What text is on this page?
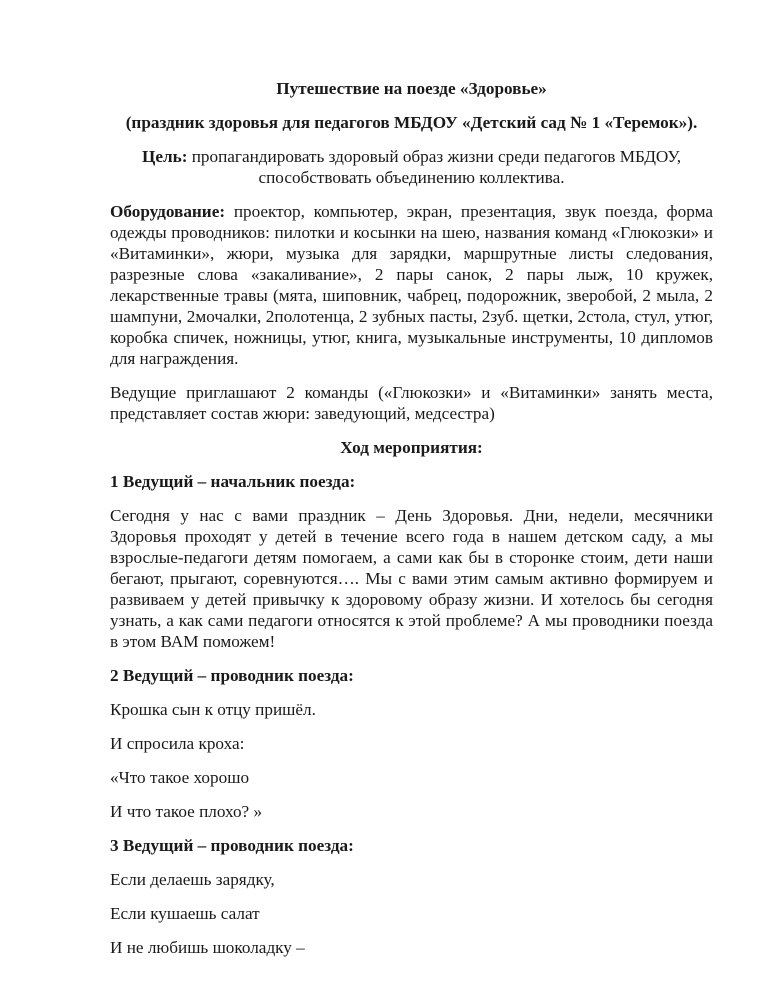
Путешествие на поезде «Здоровье»

(праздник здоровья для педагогов МБДОУ «Детский сад № 1 «Теремок»).

Цель: пропагандировать здоровый образ жизни среди педагогов МБДОУ, способствовать объединению коллектива.

Оборудование: проектор, компьютер, экран, презентация, звук поезда, форма одежды проводников: пилотки и косынки на шею, названия команд «Глюкозки» и «Витаминки», жюри, музыка для зарядки, маршрутные листы следования, разрезные слова «закаливание», 2 пары санок, 2 пары лыж, 10 кружек, лекарственные травы (мята, шиповник, чабрец, подорожник, зверобой, 2 мыла, 2 шампуни, 2мочалки, 2полотенца, 2 зубных пасты, 2зуб. щетки, 2стола, стул, утюг, коробка спичек, ножницы, утюг, книга, музыкальные инструменты, 10 дипломов для награждения.

Ведущие приглашают 2 команды («Глюкозки» и «Витаминки» занять места, представляет состав жюри: заведующий, медсестра)

Ход мероприятия:

1 Ведущий – начальник поезда:

Сегодня у нас с вами праздник – День Здоровья. Дни, недели, месячники Здоровья проходят у детей в течение всего года в нашем детском саду, а мы взрослые-педагоги детям помогаем, а сами как бы в сторонке стоим, дети наши бегают, прыгают, соревнуются…. Мы с вами этим самым активно формируем и развиваем у детей привычку к здоровому образу жизни. И хотелось бы сегодня узнать, а как сами педагоги относятся к этой проблеме? А мы проводники поезда в этом ВАМ поможем!

2 Ведущий – проводник поезда:

Крошка сын к отцу пришёл.

И спросила кроха:

«Что такое хорошо

И что такое плохо? »

3 Ведущий – проводник поезда:

Если делаешь зарядку,

Если кушаешь салат

И не любишь шоколадку –
